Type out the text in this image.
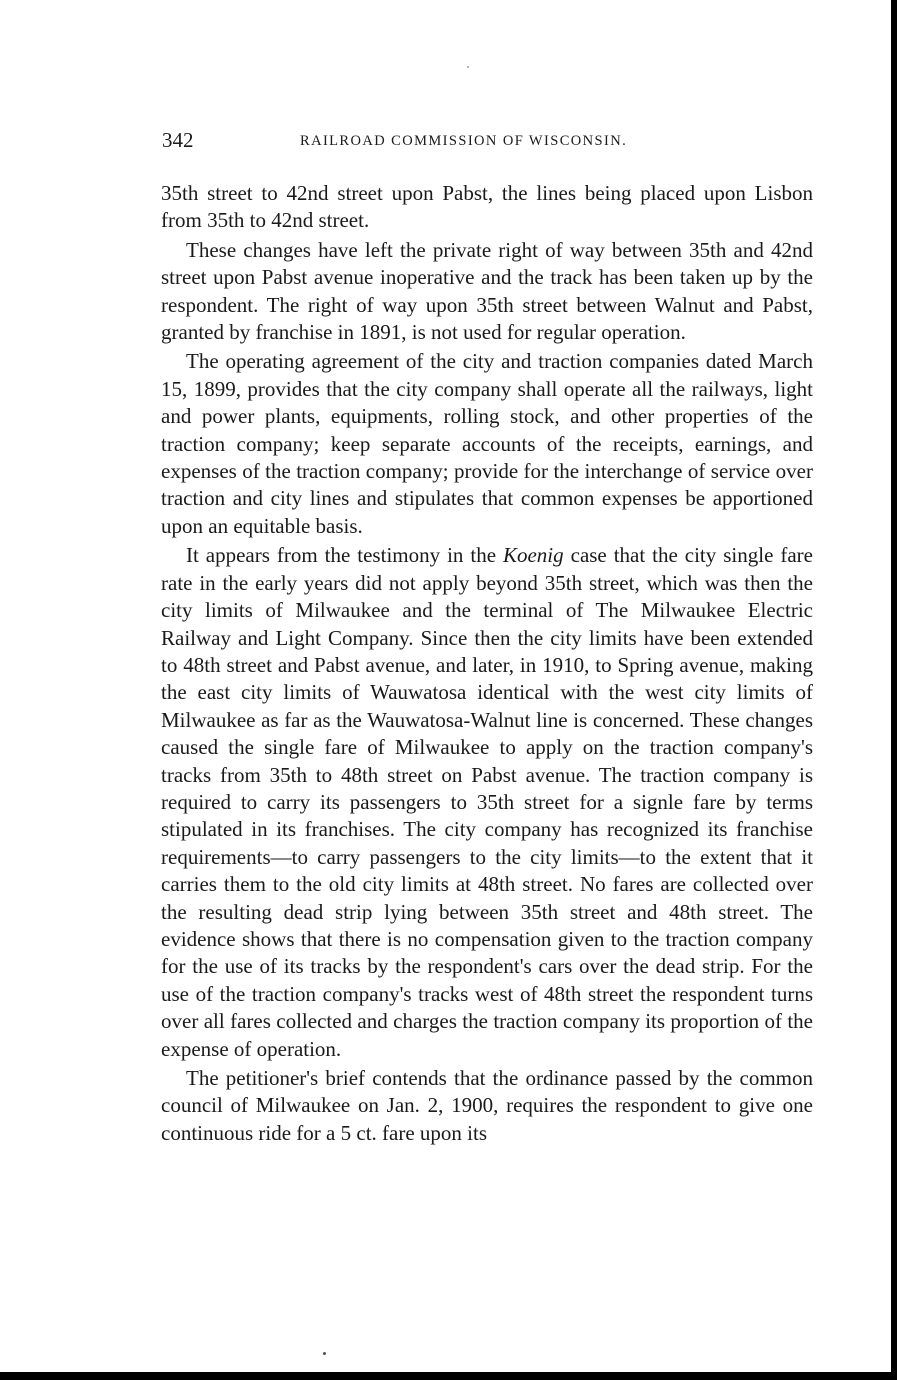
342	RAILROAD COMMISSION OF WISCONSIN.

35th street to 42nd street upon Pabst, the lines being placed upon Lisbon from 35th to 42nd street.

These changes have left the private right of way between 35th and 42nd street upon Pabst avenue inoperative and the track has been taken up by the respondent. The right of way upon 35th street between Walnut and Pabst, granted by franchise in 1891, is not used for regular operation.

The operating agreement of the city and traction companies dated March 15, 1899, provides that the city company shall operate all the railways, light and power plants, equipments, rolling stock, and other properties of the traction company; keep separate accounts of the receipts, earnings, and expenses of the traction company; provide for the interchange of service over traction and city lines and stipulates that common expenses be apportioned upon an equitable basis.

It appears from the testimony in the Koenig case that the city single fare rate in the early years did not apply beyond 35th street, which was then the city limits of Milwaukee and the terminal of The Milwaukee Electric Railway and Light Company. Since then the city limits have been extended to 48th street and Pabst avenue, and later, in 1910, to Spring avenue, making the east city limits of Wauwatosa identical with the west city limits of Milwaukee as far as the Wauwatosa-Walnut line is concerned. These changes caused the single fare of Milwaukee to apply on the traction company's tracks from 35th to 48th street on Pabst avenue. The traction company is required to carry its passengers to 35th street for a signle fare by terms stipulated in its franchises. The city company has recognized its franchise requirements—to carry passengers to the city limits—to the extent that it carries them to the old city limits at 48th street. No fares are collected over the resulting dead strip lying between 35th street and 48th street. The evidence shows that there is no compensation given to the traction company for the use of its tracks by the respondent's cars over the dead strip. For the use of the traction company's tracks west of 48th street the respondent turns over all fares collected and charges the traction company its proportion of the expense of operation.

The petitioner's brief contends that the ordinance passed by the common council of Milwaukee on Jan. 2, 1900, requires the respondent to give one continuous ride for a 5 ct. fare upon its
